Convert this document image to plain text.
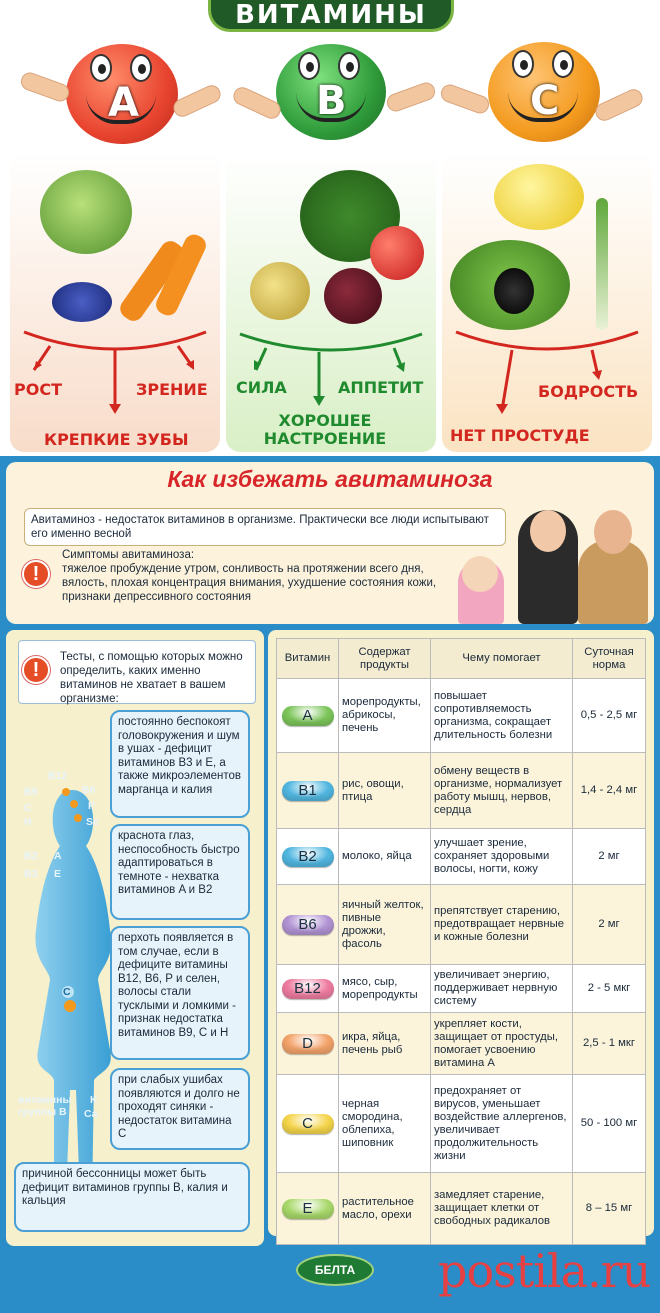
ВИТАМИНЫ
A	B	C
РОСТ	ЗРЕНИЕ
КРЕПКИЕ ЗУБЫ
СИЛА	АППЕТИТ
ХОРОШЕЕ НАСТРОЕНИЕ
БОДРОСТЬ
НЕТ ПРОСТУДЕ
Как избежать авитаминоза
Авитаминоз - недостаток витаминов в организме. Практически все люди испытывают его именно весной
!
Симптомы авитаминоза:
тяжелое пробуждение утром, сонливость на протяжении всего дня, вялость, плохая концентрация внимания, ухудшение состояния кожи, признаки депрессивного состояния
!
Тесты, с помощью которых можно определить, каких именно витаминов не хватает в вашем организме:
B12
B9	B6
C	P
H	Se
B2 A
B3 E
C
витамины группы B
K
Ca
постоянно беспокоят головокружения и шум в ушах - дефицит витаминов B3 и E, а также микроэлементов марганца и калия
краснота глаз, неспособность быстро адаптироваться в темноте - нехватка витаминов A и B2
перхоть появляется в том случае, если в дефиците витамины B12, B6, P и селен, волосы стали тусклыми и ломкими - признак недостатка витаминов B9, C и H
при слабых ушибах появляются и долго не проходят синяки - недостаток витамина C
причиной бессонницы может быть дефицит витаминов группы B, калия и кальция
Витамин	Содержат продукты	Чему помогает	Суточная норма
A	морепродукты, абрикосы, печень	повышает сопротивляемость организма, сокращает длительность болезни	0,5 - 2,5 мг
B1	рис, овощи, птица	обмену веществ в организме, нормализует работу мышц, нервов, сердца	1,4 - 2,4 мг
B2	молоко, яйца	улучшает зрение, сохраняет здоровыми волосы, ногти, кожу	2 мг
B6	яичный желток, пивные дрожжи, фасоль	препятствует старению, предотвращает нервные и кожные болезни	2 мг
B12	мясо, сыр, морепродукты	увеличивает энергию, поддерживает нервную систему	2 - 5 мкг
D	икра, яйца, печень рыб	укрепляет кости, защищает от простуды, помогает усвоению витамина А	2,5 - 1 мкг
C	черная смородина, облепиха, шиповник	предохраняет от вирусов, уменьшает воздействие аллергенов, увеличивает продолжительность жизни	50 - 100 мг
E	растительное масло, орехи	замедляет старение, защищает клетки от свободных радикалов	8 – 15 мг
БЕЛТА	postila.ru
